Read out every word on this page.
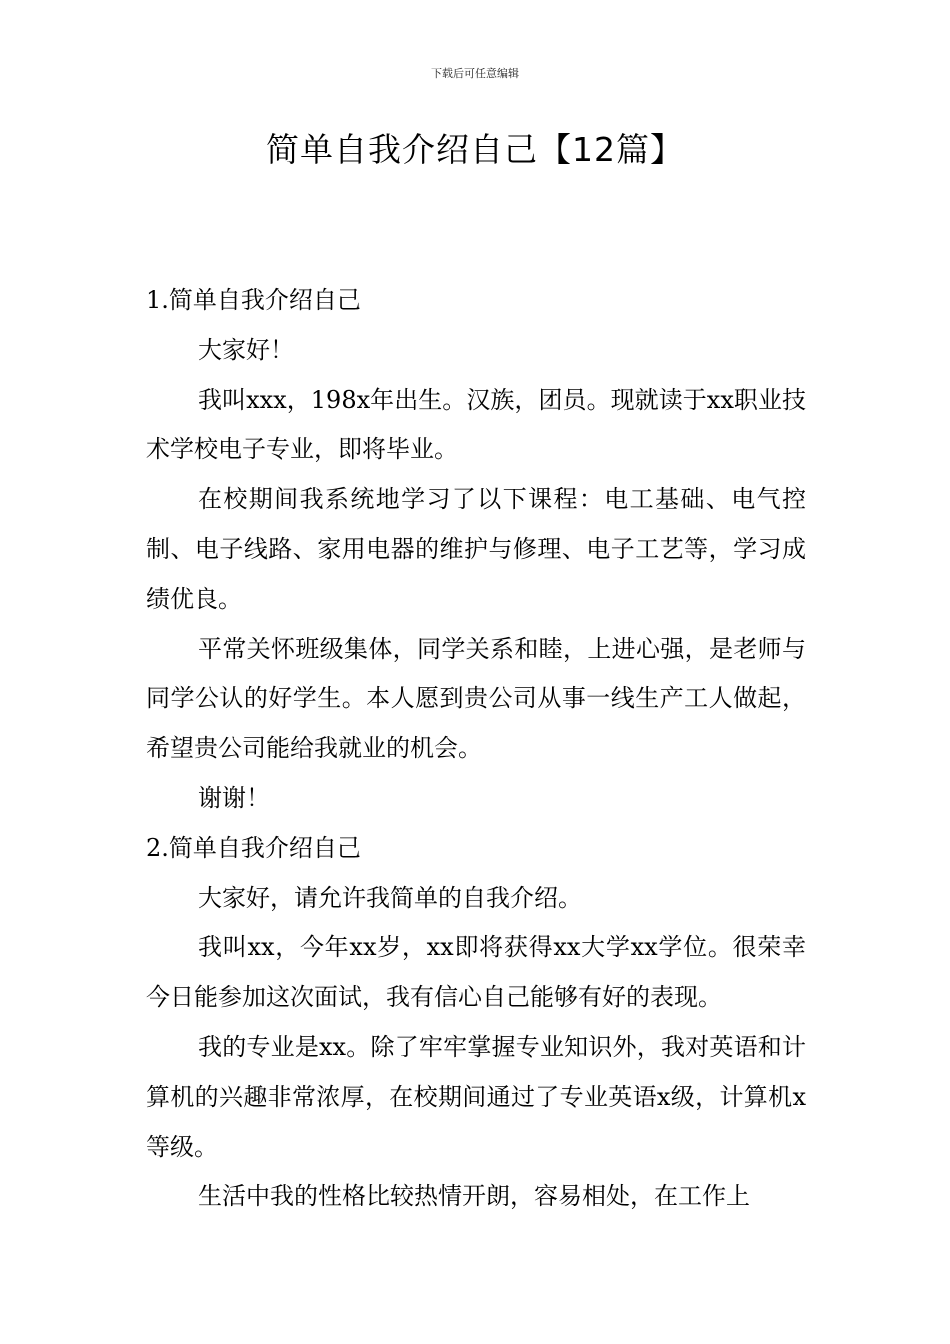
下载后可任意编辑
简单自我介绍自己【12篇】

1.简单自我介绍自己

大家好！

我叫xxx，198x年出生。汉族，团员。现就读于xx职业技术学校电子专业，即将毕业。

在校期间我系统地学习了以下课程：电工基础、电气控制、电子线路、家用电器的维护与修理、电子工艺等，学习成绩优良。

平常关怀班级集体，同学关系和睦，上进心强，是老师与同学公认的好学生。本人愿到贵公司从事一线生产工人做起，希望贵公司能给我就业的机会。

谢谢！

2.简单自我介绍自己

大家好，请允许我简单的自我介绍。

我叫xx，今年xx岁，xx即将获得xx大学xx学位。很荣幸今日能参加这次面试，我有信心自己能够有好的表现。

我的专业是xx。除了牢牢掌握专业知识外，我对英语和计算机的兴趣非常浓厚，在校期间通过了专业英语x级，计算机x等级。

生活中我的性格比较热情开朗，容易相处，在工作上
